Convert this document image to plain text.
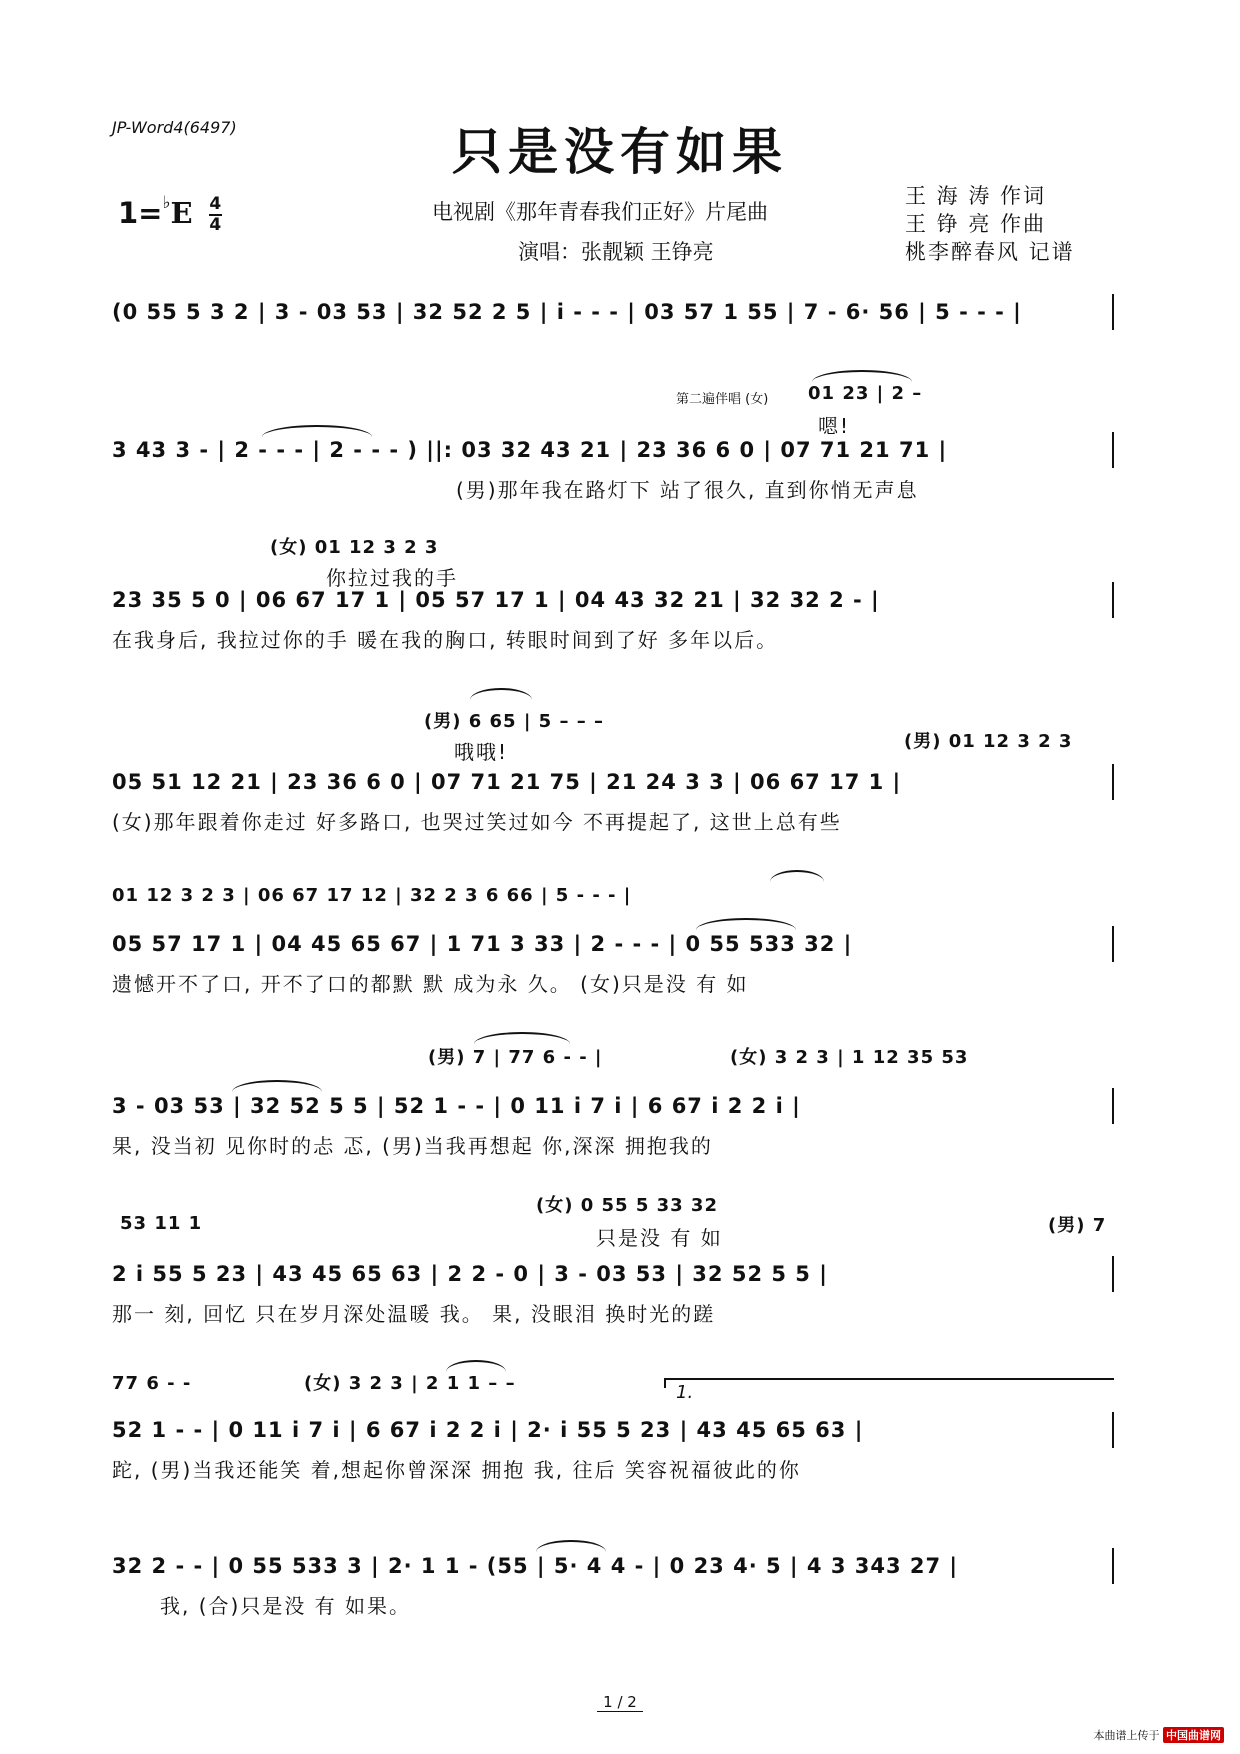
JP-Word4(6497)	只是没有如果
$1=^♭E \frac{4}{4}$	电视剧《那年青春我们正好》片尾曲
演唱：张靓颖 王铮亮
王 海 涛 作词
王 铮 亮 作曲
桃李醉春风 记谱
(0 55 5 3 2 | 3 - 03 53 | 32 52 2 5 | i - - - | 03 57 1 55 | 7 - 6· 56 | 5 - - - |
第二遍伴唱 (女) 01 23 | 2 –
嗯!
3 43 3 - | 2 - - - | 2 - - - ) ||: 03 32 43 21 | 23 36 6 0 | 07 71 21 71 |
(男)那年我在路灯下 站了很久, 直到你悄无声息
(女) 01 12 3 2 3
你拉过我的手
23 35 5 0 | 06 67 17 1 | 05 57 17 1 | 04 43 32 21 | 32 32 2 - |
在我身后, 我拉过你的手 暖在我的胸口, 转眼时间到了好 多年以后。
(男) 6 65 | 5 – – –
哦哦!	(男) 01 12 3 2 3
05 51 12 21 | 23 36 6 0 | 07 71 21 75 | 21 24 3 3 | 06 67 17 1 |
(女)那年跟着你走过 好多路口, 也哭过笑过如今 不再提起了, 这世上总有些
01 12 3 2 3 | 06 67 17 12 | 32 2 3 6 66 | 5 - - - |
05 57 17 1 | 04 45 65 67 | 1 71 3 33 | 2 - - - | 0 55 533 32 |
遗憾开不了口, 开不了口的都默 默 成为永 久。 (女)只是没 有 如
(男) 7 | 77 6 - - |	(女) 3 2 3 | 1 12 35 53
3 - 03 53 | 32 52 5 5 | 52 1 - - | 0 11 i 7 i | 6 67 i 2 2 i |
果, 没当初 见你时的忐 忑, (男)当我再想起 你,深深 拥抱我的
53 11 1
(女) 0 55 5 33 32
只是没 有 如
(男) 7
2 i 55 5 23 | 43 45 65 63 | 2 2 - 0 | 3 - 03 53 | 32 52 5 5 |
那一 刻, 回忆 只在岁月深处温暖 我。 果, 没眼泪 换时光的蹉
77 6 - -	(女) 3 2 3 | 2 1 1 – –	1.
52 1 - - | 0 11 i 7 i | 6 67 i 2 2 i | 2· i 55 5 23 | 43 45 65 63 |
跎, (男)当我还能笑 着,想起你曾深深 拥抱 我, 往后 笑容祝福彼此的你
32 2 - - | 0 55 533 3 | 2· 1 1 - (55 | 5· 4 4 - | 0 23 4· 5 | 4 3 343 27 |
我, (合)只是没 有 如果。
1 / 2
本曲谱上传于 中国曲谱网
